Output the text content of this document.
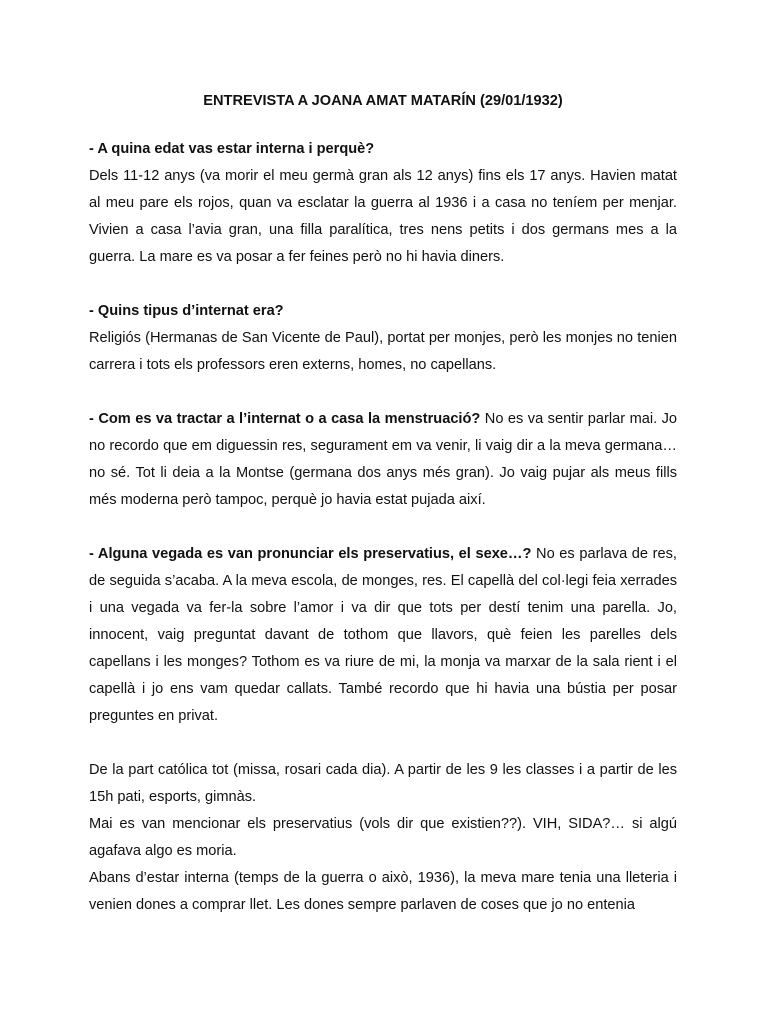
ENTREVISTA A JOANA AMAT MATARÍN (29/01/1932)
- A quina edat vas estar interna i perquè?
Dels 11-12 anys (va morir el meu germà gran als 12 anys) fins els 17 anys. Havien matat al meu pare els rojos, quan va esclatar la guerra al 1936 i a casa no teníem per menjar. Vivien a casa l’avia gran, una filla paralítica, tres nens petits i dos germans mes a la guerra. La mare es va posar a fer feines però no hi havia diners.
- Quins tipus d’internat era?
Religiós (Hermanas de San Vicente de Paul), portat per monjes, però les monjes no tenien carrera i tots els professors eren externs, homes, no capellans.

- Com es va tractar a l’internat o a casa la menstruació? No es va sentir parlar mai. Jo no recordo que em diguessin res, segurament em va venir, li vaig dir a la meva germana… no sé. Tot li deia a la Montse (germana dos anys més gran). Jo vaig pujar als meus fills més moderna però tampoc, perquè jo havia estat pujada així.

- Alguna vegada es van pronunciar els preservatius, el sexe…? No es parlava de res, de seguida s’acaba. A la meva escola, de monges, res. El capellà del col·legi feia xerrades i una vegada va fer-la sobre l’amor i va dir que tots per destí tenim una parella. Jo, innocent, vaig preguntat davant de tothom que llavors, què feien les parelles dels capellans i les monges? Tothom es va riure de mi, la monja va marxar de la sala rient i el capellà i jo ens vam quedar callats. També recordo que hi havia una bústia per posar preguntes en privat.

De la part católica tot (missa, rosari cada dia). A partir de les 9 les classes i a partir de les 15h pati, esports, gimnàs.

Mai es van mencionar els preservatius (vols dir que existien??). VIH, SIDA?… si algú agafava algo es moria.

Abans d’estar interna (temps de la guerra o això, 1936), la meva mare tenia una lleteria i venien dones a comprar llet. Les dones sempre parlaven de coses que jo no entenia
